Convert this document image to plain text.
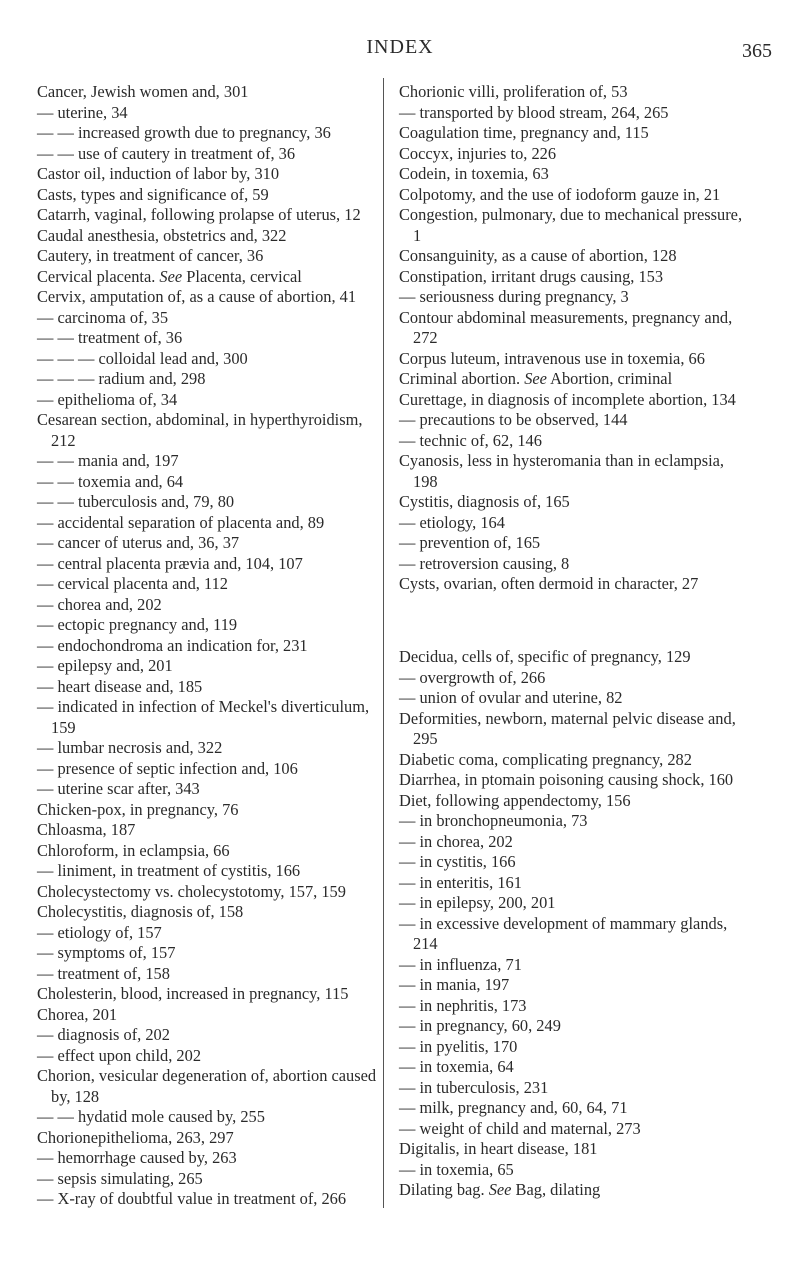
INDEX	365

Cancer, Jewish women and, 301

— uterine, 34

— — increased growth due to pregnancy, 36

— — use of cautery in treatment of, 36

Castor oil, induction of labor by, 310

Casts, types and significance of, 59

Catarrh, vaginal, following prolapse of uterus, 12

Caudal anesthesia, obstetrics and, 322

Cautery, in treatment of cancer, 36

Cervical placenta. See Placenta, cervical

Cervix, amputation of, as a cause of abortion, 41

— carcinoma of, 35

— — treatment of, 36

— — — colloidal lead and, 300

— — — radium and, 298

— epithelioma of, 34

Cesarean section, abdominal, in hyperthyroidism, 212

— — mania and, 197

— — toxemia and, 64

— — tuberculosis and, 79, 80

— accidental separation of placenta and, 89

— cancer of uterus and, 36, 37

— central placenta prævia and, 104, 107

— cervical placenta and, 112

— chorea and, 202

— ectopic pregnancy and, 119

— endochondroma an indication for, 231

— epilepsy and, 201

— heart disease and, 185

— indicated in infection of Meckel's diverticulum, 159

— lumbar necrosis and, 322

— presence of septic infection and, 106

— uterine scar after, 343

Chicken-pox, in pregnancy, 76

Chloasma, 187

Chloroform, in eclampsia, 66

— liniment, in treatment of cystitis, 166

Cholecystectomy vs. cholecystotomy, 157, 159

Cholecystitis, diagnosis of, 158

— etiology of, 157

— symptoms of, 157

— treatment of, 158

Cholesterin, blood, increased in pregnancy, 115

Chorea, 201

— diagnosis of, 202

— effect upon child, 202

Chorion, vesicular degeneration of, abortion caused by, 128

— — hydatid mole caused by, 255

Chorionepithelioma, 263, 297

— hemorrhage caused by, 263

— sepsis simulating, 265

— X-ray of doubtful value in treatment of, 266

Chorionic villi, proliferation of, 53

— transported by blood stream, 264, 265

Coagulation time, pregnancy and, 115

Coccyx, injuries to, 226

Codein, in toxemia, 63

Colpotomy, and the use of iodoform gauze in, 21

Congestion, pulmonary, due to mechanical pressure, 1

Consanguinity, as a cause of abortion, 128

Constipation, irritant drugs causing, 153

— seriousness during pregnancy, 3

Contour abdominal measurements, pregnancy and, 272

Corpus luteum, intravenous use in toxemia, 66

Criminal abortion. See Abortion, criminal

Curettage, in diagnosis of incomplete abortion, 134

— precautions to be observed, 144

— technic of, 62, 146

Cyanosis, less in hysteromania than in eclampsia, 198

Cystitis, diagnosis of, 165

— etiology, 164

— prevention of, 165

— retroversion causing, 8

Cysts, ovarian, often dermoid in character, 27

Decidua, cells of, specific of pregnancy, 129

— overgrowth of, 266

— union of ovular and uterine, 82

Deformities, newborn, maternal pelvic disease and, 295

Diabetic coma, complicating pregnancy, 282

Diarrhea, in ptomain poisoning causing shock, 160

Diet, following appendectomy, 156

— in bronchopneumonia, 73

— in chorea, 202

— in cystitis, 166

— in enteritis, 161

— in epilepsy, 200, 201

— in excessive development of mammary glands, 214

— in influenza, 71

— in mania, 197

— in nephritis, 173

— in pregnancy, 60, 249

— in pyelitis, 170

— in toxemia, 64

— in tuberculosis, 231

— milk, pregnancy and, 60, 64, 71

— weight of child and maternal, 273

Digitalis, in heart disease, 181

— in toxemia, 65

Dilating bag. See Bag, dilating
